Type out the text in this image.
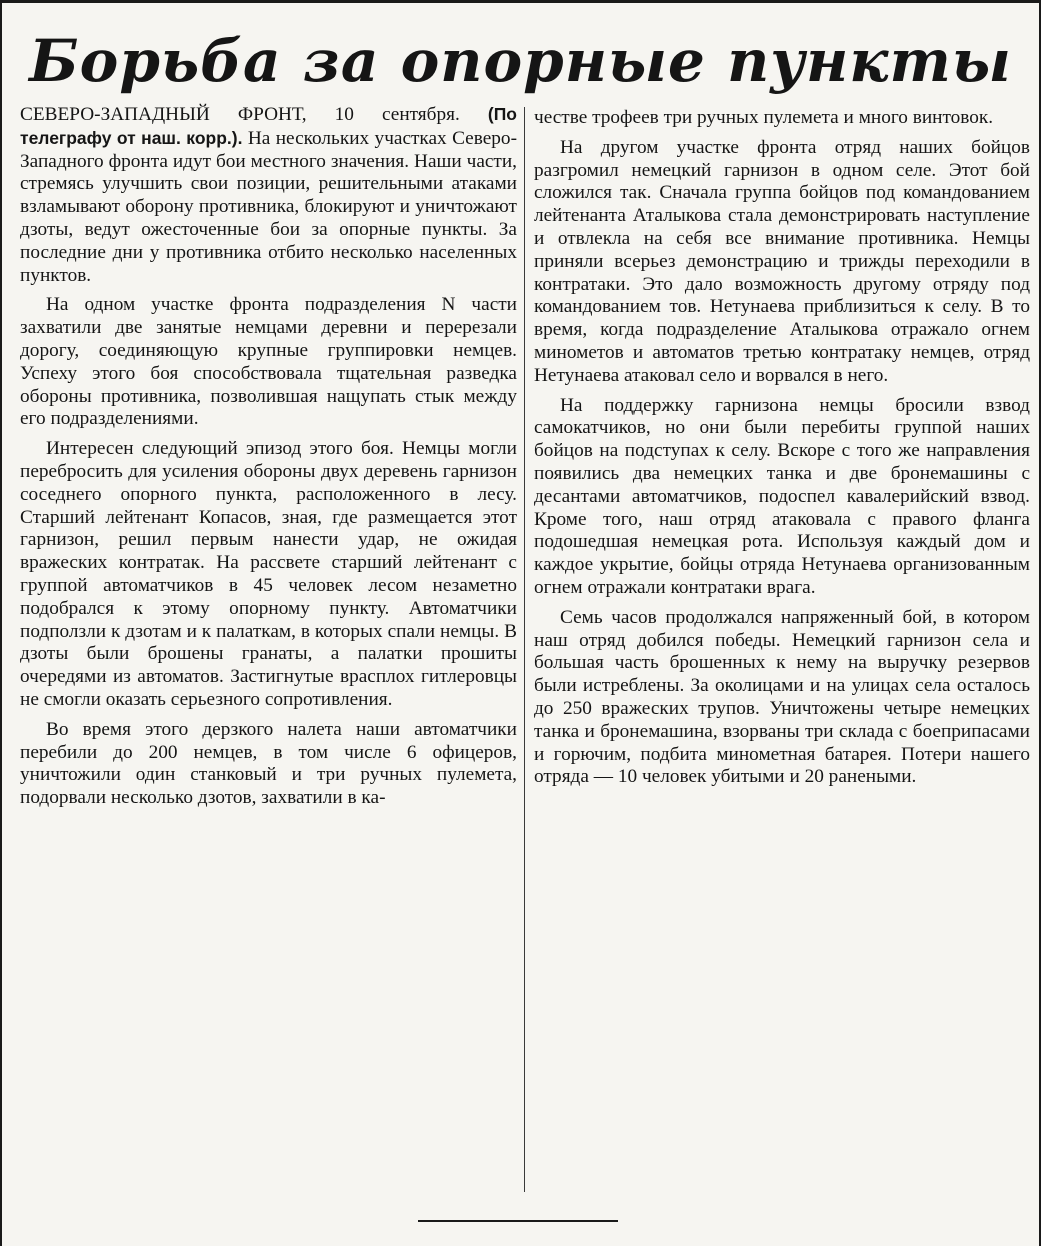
Борьба за опорные пункты

СЕВЕРО-ЗАПАДНЫЙ ФРОНТ, 10 сентября. (По телеграфу от наш. корр.). На нескольких участках Северо-Западного фронта идут бои местного значения. Наши части, стремясь улучшить свои позиции, решительными атаками взламывают оборону противника, блокируют и уничтожают дзоты, ведут ожесточенные бои за опорные пункты. За последние дни у противника отбито несколько населенных пунктов.

На одном участке фронта подразделения N части захватили две занятые немцами деревни и перерезали дорогу, соединяющую крупные группировки немцев. Успеху этого боя способствовала тщательная разведка обороны противника, позволившая нащупать стык между его подразделениями.

Интересен следующий эпизод этого боя. Немцы могли перебросить для усиления обороны двух деревень гарнизон соседнего опорного пункта, расположенного в лесу. Старший лейтенант Копасов, зная, где размещается этот гарнизон, решил первым нанести удар, не ожидая вражеских контратак. На рассвете старший лейтенант с группой автоматчиков в 45 человек лесом незаметно подобрался к этому опорному пункту. Автоматчики подползли к дзотам и к палаткам, в которых спали немцы. В дзоты были брошены гранаты, а палатки прошиты очередями из автоматов. Застигнутые врасплох гитлеровцы не смогли оказать серьезного сопротивления.

Во время этого дерзкого налета наши автоматчики перебили до 200 немцев, в том числе 6 офицеров, уничтожили один станковый и три ручных пулемета, подорвали несколько дзотов, захватили в ка-

честве трофеев три ручных пулемета и много винтовок.

На другом участке фронта отряд наших бойцов разгромил немецкий гарнизон в одном селе. Этот бой сложился так. Сначала группа бойцов под командованием лейтенанта Аталыкова стала демонстрировать наступление и отвлекла на себя все внимание противника. Немцы приняли всерьез демонстрацию и трижды переходили в контратаки. Это дало возможность другому отряду под командованием тов. Нетунаева приблизиться к селу. В то время, когда подразделение Аталыкова отражало огнем минометов и автоматов третью контратаку немцев, отряд Нетунаева атаковал село и ворвался в него.

На поддержку гарнизона немцы бросили взвод самокатчиков, но они были перебиты группой наших бойцов на подступах к селу. Вскоре с того же направления появились два немецких танка и две бронемашины с десантами автоматчиков, подоспел кавалерийский взвод. Кроме того, наш отряд атаковала с правого фланга подошедшая немецкая рота. Используя каждый дом и каждое укрытие, бойцы отряда Нетунаева организованным огнем отражали контратаки врага.

Семь часов продолжался напряженный бой, в котором наш отряд добился победы. Немецкий гарнизон села и большая часть брошенных к нему на выручку резервов были истреблены. За околицами и на улицах села осталось до 250 вражеских трупов. Уничтожены четыре немецких танка и бронемашина, взорваны три склада с боеприпасами и горючим, подбита минометная батарея. Потери нашего отряда — 10 человек убитыми и 20 ранеными.
